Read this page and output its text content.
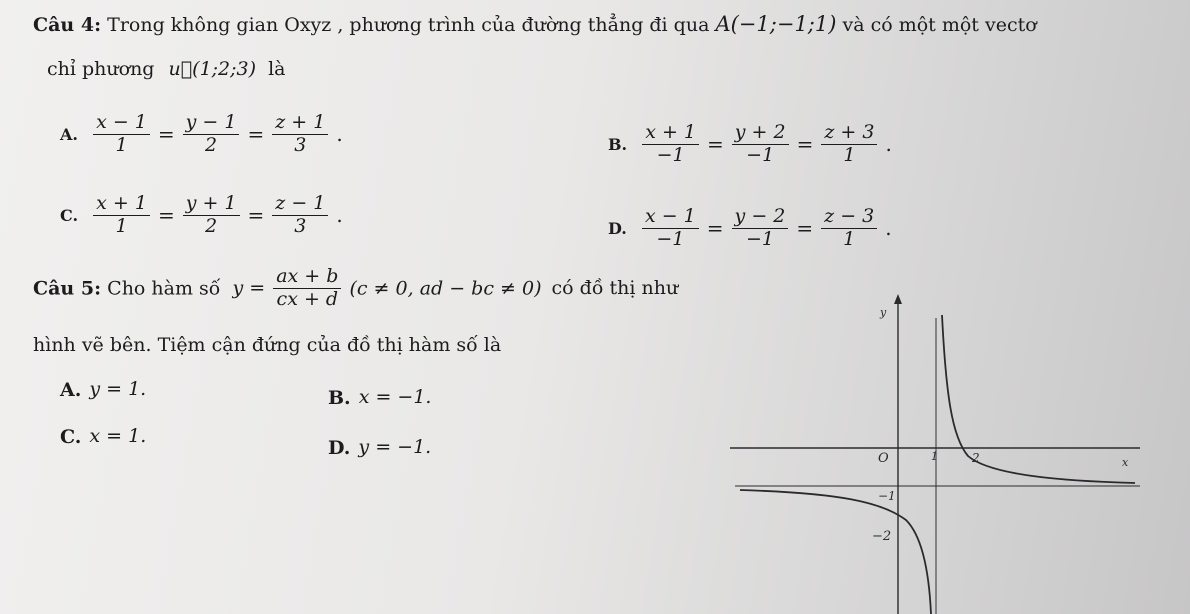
Câu 4: Trong không gian Oxyz , phương trình của đường thẳng đi qua A(−1;−1;1) và có một một vectơ
chỉ phương u⃗(1;2;3) là
A. $\frac{x - 1}{1} = \frac{y - 1}{2} = \frac{z + 1}{3}$ .	B. $\frac{x + 1}{-1} = \frac{y + 2}{-1} = \frac{z + 3}{1}$ .
C. $\frac{x + 1}{1} = \frac{y + 1}{2} = \frac{z - 1}{3}$ .
D. $\frac{x - 1}{-1} = \frac{y - 2}{-1} = \frac{z - 3}{1}$ .
Câu 5: Cho hàm số $y = \frac{ax + b}{cx + d} (c \ne 0$, ad − bc ≠ 0) có đồ thị như
hình vẽ bên. Tiệm cận đứng của đồ thị hàm số là
A. y = 1.	B. x = −1.
C. x = 1.
D. y = −1.
y
x
O	1	2
−1
−2
